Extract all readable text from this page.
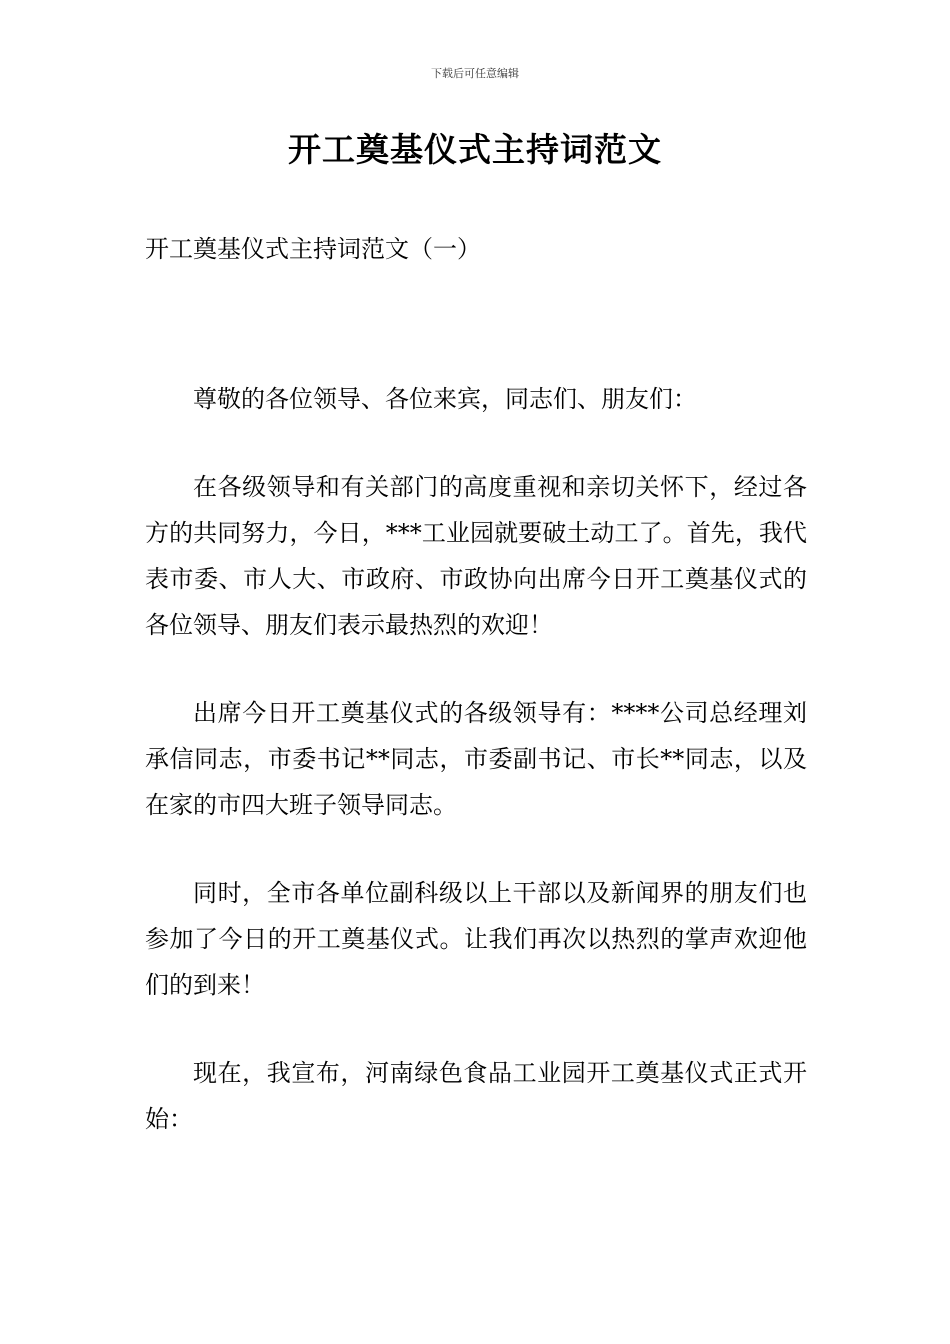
下载后可任意编辑
开工奠基仪式主持词范文
开工奠基仪式主持词范文（一）

尊敬的各位领导、各位来宾，同志们、朋友们：

在各级领导和有关部门的高度重视和亲切关怀下，经过各方的共同努力，今日，***工业园就要破土动工了。首先，我代表市委、市人大、市政府、市政协向出席今日开工奠基仪式的各位领导、朋友们表示最热烈的欢迎！

出席今日开工奠基仪式的各级领导有：****公司总经理刘承信同志，市委书记**同志，市委副书记、市长**同志，以及在家的市四大班子领导同志。

同时，全市各单位副科级以上干部以及新闻界的朋友们也参加了今日的开工奠基仪式。让我们再次以热烈的掌声欢迎他们的到来！

现在，我宣布，河南绿色食品工业园开工奠基仪式正式开始：
